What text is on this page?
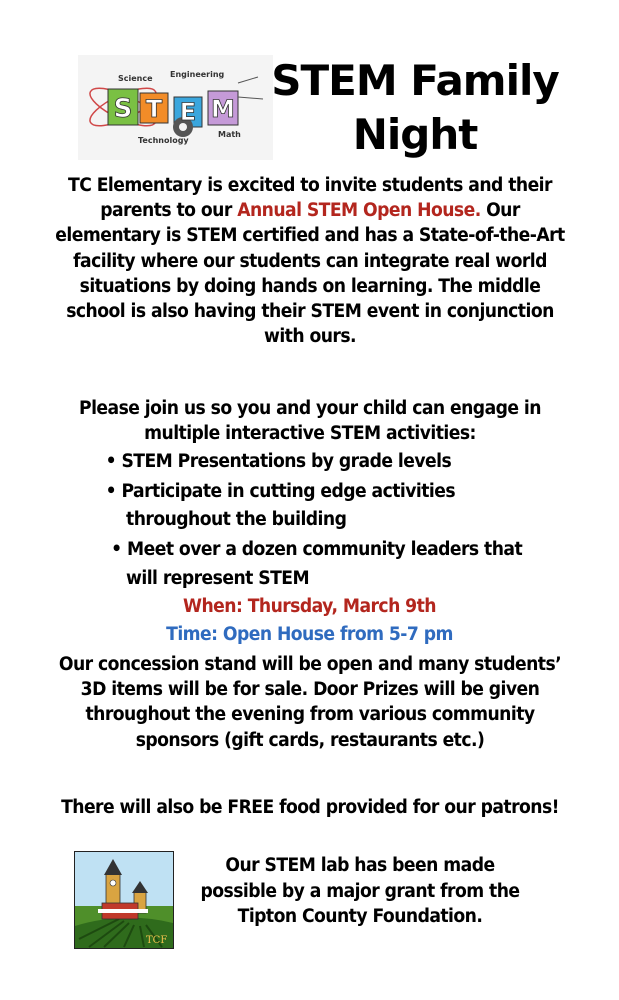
S T E M
Science Engineering
Technology
Math
STEM Family
Night
TC Elementary is excited to invite students and their parents to our Annual STEM Open House. Our elementary is STEM certified and has a State-of-the-Art facility where our students can integrate real world situations by doing hands on learning. The middle school is also having their STEM event in conjunction with ours.
Please join us so you and your child can engage in multiple interactive STEM activities:
• STEM Presentations by grade levels
• Participate in cutting edge activities
throughout the building
• Meet over a dozen community leaders that
will represent STEM
When: Thursday, March 9th
Time: Open House from 5-7 pm
Our concession stand will be open and many students’ 3D items will be for sale. Door Prizes will be given throughout the evening from various community sponsors (gift cards, restaurants etc.)
There will also be FREE food provided for our patrons!
TCF
Our STEM lab has been made possible by a major grant from the Tipton County Foundation.
